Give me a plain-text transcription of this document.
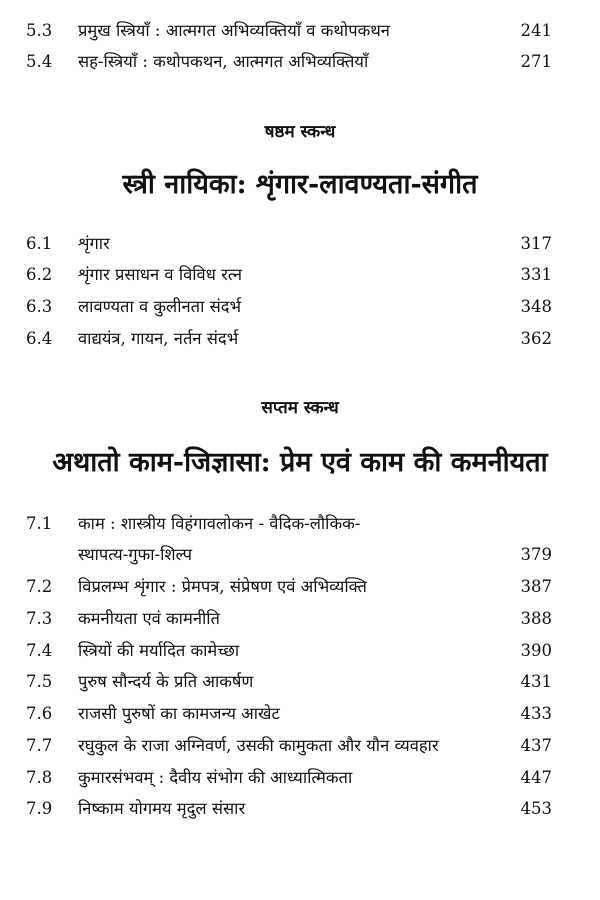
5.3 प्रमुख स्त्रियाँ : आत्मगत अभिव्यक्तियाँ व कथोपकथन	241
5.4 सह-स्त्रियाँ : कथोपकथन, आत्मगत अभिव्यक्तियाँ	271
षष्ठम स्कन्ध
स्त्री नायिका: शृंगार-लावण्यता-संगीत
6.1 शृंगार	317
6.2 शृंगार प्रसाधन व विविध रत्न	331
6.3 लावण्यता व कुलीनता संदर्भ	348
6.4 वाद्ययंत्र, गायन, नर्तन संदर्भ	362
सप्तम स्कन्ध
अथातो काम-जिज्ञासा: प्रेम एवं काम की कमनीयता
7.1 काम : शास्त्रीय विहंगावलोकन - वैदिक-लौकिक-
स्थापत्य-गुफा-शिल्प	379
7.2 विप्रलम्भ शृंगार : प्रेमपत्र, संप्रेषण एवं अभिव्यक्ति	387
7.3 कमनीयता एवं कामनीति	388
7.4 स्त्रियों की मर्यादित कामेच्छा	390
7.5 पुरुष सौन्दर्य के प्रति आकर्षण	431
7.6 राजसी पुरुषों का कामजन्य आखेट	433
7.7 रघुकुल के राजा अग्निवर्ण, उसकी कामुकता और यौन व्यवहार	437
7.8 कुमारसंभवम् : दैवीय संभोग की आध्यात्मिकता	447
7.9 निष्काम योगमय मृदुल संसार	453
